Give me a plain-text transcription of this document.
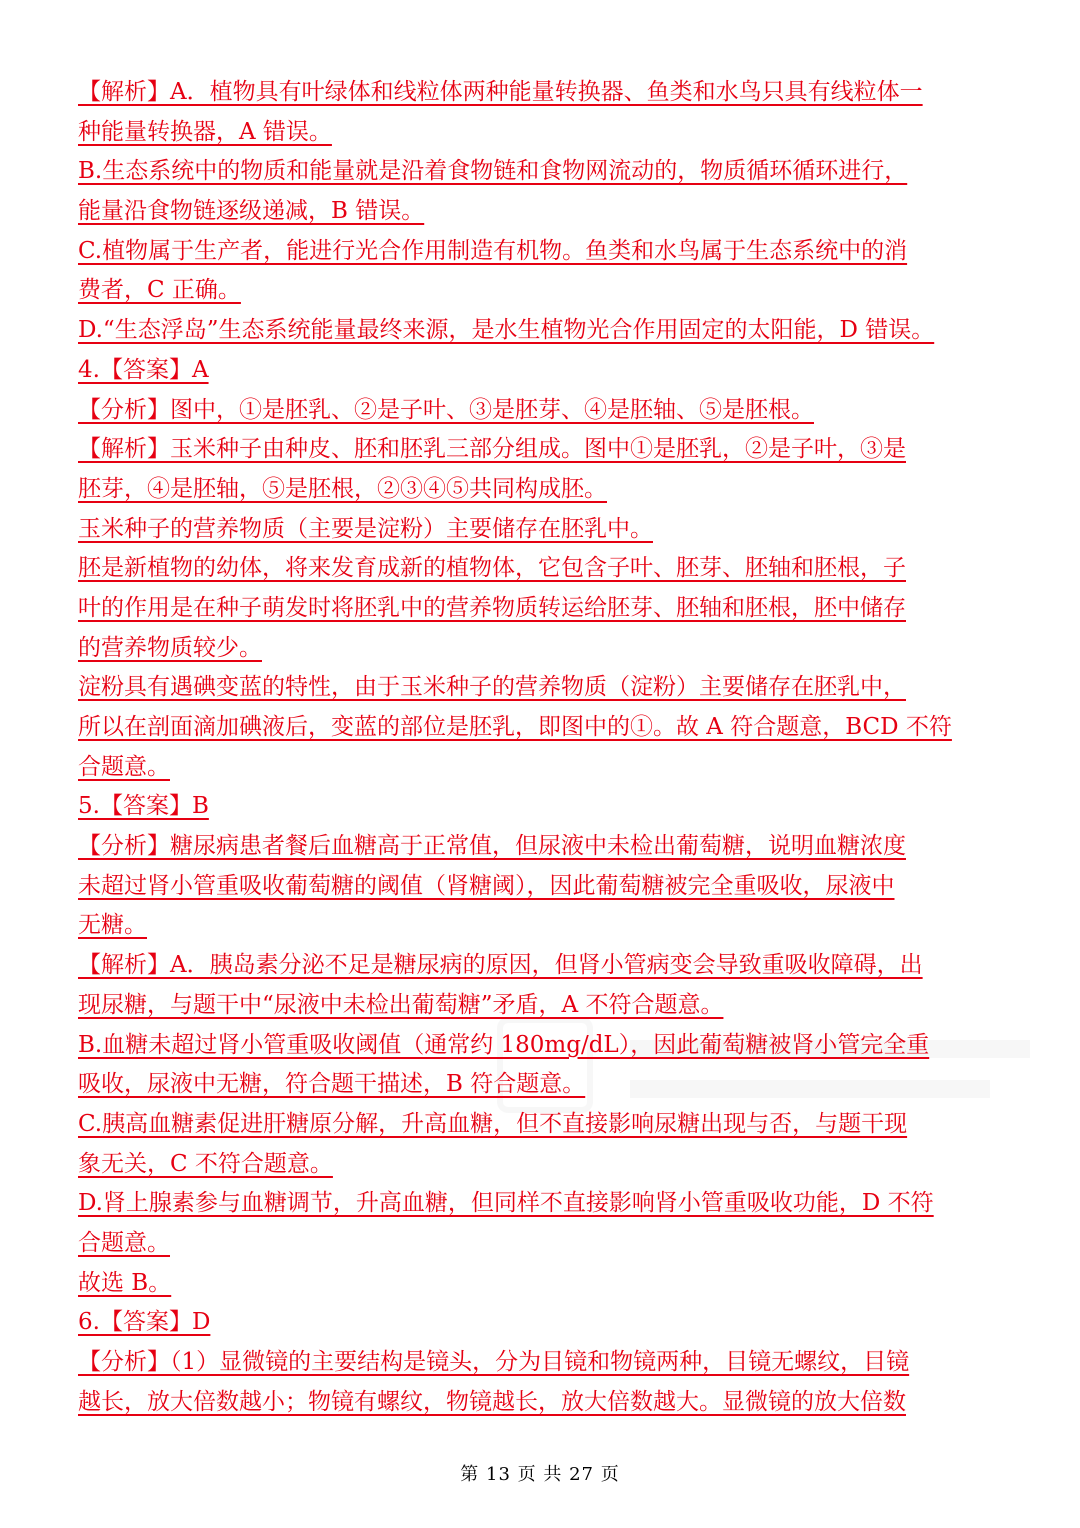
【解析】A．植物具有叶绿体和线粒体两种能量转换器、鱼类和水鸟只具有线粒体一
种能量转换器，A 错误。
B.生态系统中的物质和能量就是沿着食物链和食物网流动的，物质循环循环进行，
能量沿食物链逐级递减，B 错误。
C.植物属于生产者，能进行光合作用制造有机物。鱼类和水鸟属于生态系统中的消
费者，C 正确。
D.“生态浮岛”生态系统能量最终来源，是水生植物光合作用固定的太阳能，D 错误。
4.【答案】A
【分析】图中，①是胚乳、②是子叶、③是胚芽、④是胚轴、⑤是胚根。
【解析】玉米种子由种皮、胚和胚乳三部分组成。图中①是胚乳，②是子叶，③是
胚芽，④是胚轴，⑤是胚根，②③④⑤共同构成胚。
玉米种子的营养物质（主要是淀粉）主要储存在胚乳中。
胚是新植物的幼体，将来发育成新的植物体，它包含子叶、胚芽、胚轴和胚根，子
叶的作用是在种子萌发时将胚乳中的营养物质转运给胚芽、胚轴和胚根，胚中储存
的营养物质较少。
淀粉具有遇碘变蓝的特性，由于玉米种子的营养物质（淀粉）主要储存在胚乳中，
所以在剖面滴加碘液后，变蓝的部位是胚乳，即图中的①。故 A 符合题意，BCD 不符
合题意。
5.【答案】B
【分析】糖尿病患者餐后血糖高于正常值，但尿液中未检出葡萄糖，说明血糖浓度
未超过肾小管重吸收葡萄糖的阈值（肾糖阈），因此葡萄糖被完全重吸收，尿液中
无糖。
【解析】A．胰岛素分泌不足是糖尿病的原因，但肾小管病变会导致重吸收障碍，出
现尿糖，与题干中“尿液中未检出葡萄糖”矛盾，A 不符合题意。
B.血糖未超过肾小管重吸收阈值（通常约 180mg/dL），因此葡萄糖被肾小管完全重
吸收，尿液中无糖，符合题干描述，B 符合题意。
C.胰高血糖素促进肝糖原分解，升高血糖，但不直接影响尿糖出现与否，与题干现
象无关，C 不符合题意。
D.肾上腺素参与血糖调节，升高血糖，但同样不直接影响肾小管重吸收功能，D 不符
合题意。
故选 B。
6.【答案】D
【分析】（1）显微镜的主要结构是镜头，分为目镜和物镜两种，目镜无螺纹，目镜
越长，放大倍数越小；物镜有螺纹，物镜越长，放大倍数越大。显微镜的放大倍数
第 13 页 共 27 页
